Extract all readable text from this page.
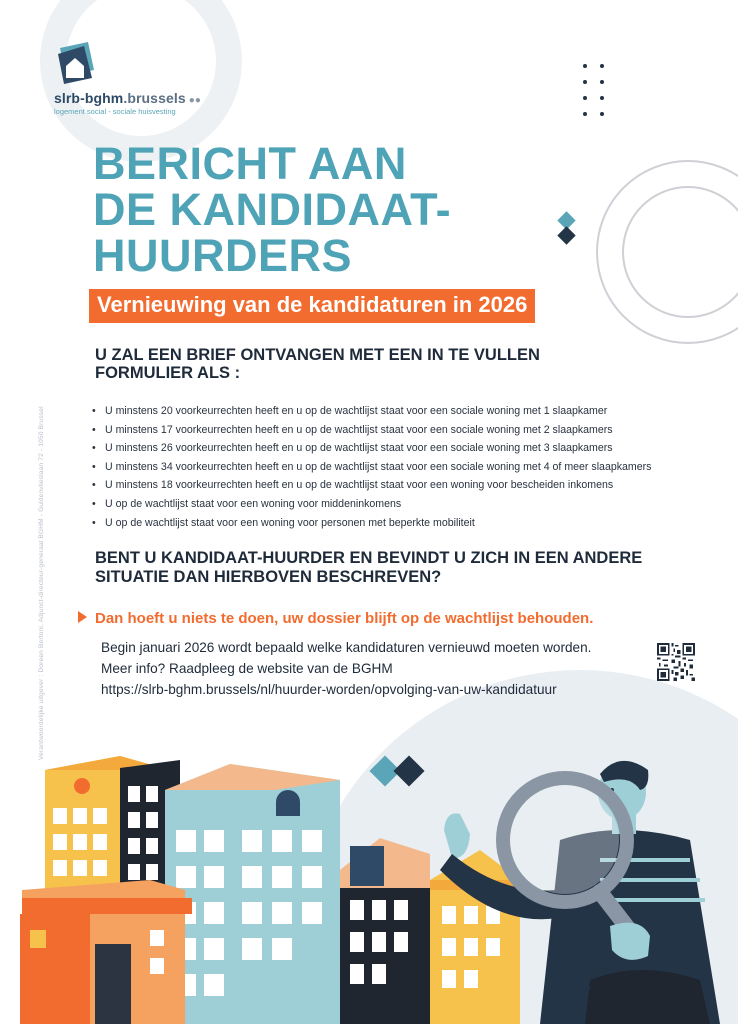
slrb-bghm.brussels ●●
logement social - sociale huisvesting
BERICHT AAN
DE KANDIDAAT-
HUURDERS
Vernieuwing van de kandidaturen in 2026
U ZAL EEN BRIEF ONTVANGEN MET EEN IN TE VULLEN FORMULIER ALS :
• U minstens 20 voorkeurrechten heeft en u op de wachtlijst staat voor een sociale woning met 1 slaapkamer
• U minstens 17 voorkeurrechten heeft en u op de wachtlijst staat voor een sociale woning met 2 slaapkamers
• U minstens 26 voorkeurrechten heeft en u op de wachtlijst staat voor een sociale woning met 3 slaapkamers
• U minstens 34 voorkeurrechten heeft en u op de wachtlijst staat voor een sociale woning met 4 of meer slaapkamers
• U minstens 18 voorkeurrechten heeft en u op de wachtlijst staat voor een woning voor bescheiden inkomens
• U op de wachtlijst staat voor een woning voor middeninkomens
• U op de wachtlijst staat voor een woning voor personen met beperkte mobiliteit
BENT U KANDIDAAT-HUURDER EN BEVINDT U ZICH IN EEN ANDERE SITUATIE DAN HIERBOVEN BESCHREVEN?
Dan hoeft u niets te doen, uw dossier blijft op de wachtlijst behouden.
Begin januari 2026 wordt bepaald welke kandidaturen vernieuwd moeten worden.
Meer info? Raadpleeg de website van de BGHM
https://slrb-bghm.brussels/nl/huurder-worden/opvolging-van-uw-kandidatuur
Verantwoordelijke uitgever : Doreen Bertoni, Adjunct-directeur-generaal BGHM - Guldenvlieslaan 72 - 1050 Brussel
